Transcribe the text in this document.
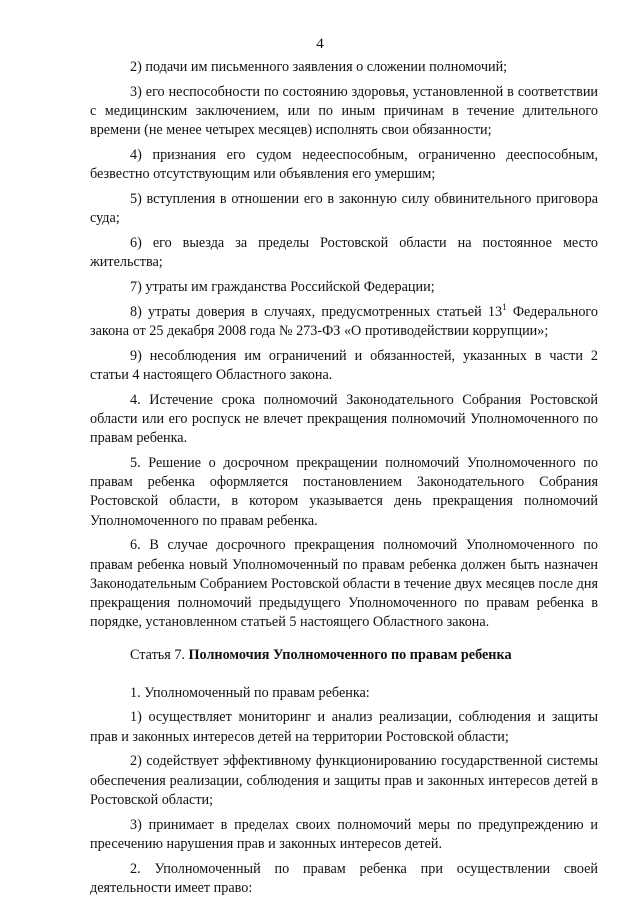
4

2) подачи им письменного заявления о сложении полномочий;

3) его неспособности по состоянию здоровья, установленной в соответствии с медицинским заключением, или по иным причинам в течение длительного времени (не менее четырех месяцев) исполнять свои обязанности;

4) признания его судом недееспособным, ограниченно дееспособным, безвестно отсутствующим или объявления его умершим;

5) вступления в отношении его в законную силу обвинительного приговора суда;

6) его выезда за пределы Ростовской области на постоянное место жительства;

7) утраты им гражданства Российской Федерации;

8) утраты доверия в случаях, предусмотренных статьей $13^1$ Федерального закона от 25 декабря 2008 года № 273-ФЗ «О противодействии коррупции»;

9) несоблюдения им ограничений и обязанностей, указанных в части 2 статьи 4 настоящего Областного закона.

4. Истечение срока полномочий Законодательного Собрания Ростовской области или его роспуск не влечет прекращения полномочий Уполномоченного по правам ребенка.

5. Решение о досрочном прекращении полномочий Уполномоченного по правам ребенка оформляется постановлением Законодательного Собрания Ростовской области, в котором указывается день прекращения полномочий Уполномоченного по правам ребенка.

6. В случае досрочного прекращения полномочий Уполномоченного по правам ребенка новый Уполномоченный по правам ребенка должен быть назначен Законодательным Собранием Ростовской области в течение двух месяцев после дня прекращения полномочий предыдущего Уполномоченного по правам ребенка в порядке, установленном статьей 5 настоящего Областного закона.

Статья 7. Полномочия Уполномоченного по правам ребенка

1. Уполномоченный по правам ребенка:

1) осуществляет мониторинг и анализ реализации, соблюдения и защиты прав и законных интересов детей на территории Ростовской области;

2) содействует эффективному функционированию государственной системы обеспечения реализации, соблюдения и защиты прав и законных интересов детей в Ростовской области;

3) принимает в пределах своих полномочий меры по предупреждению и пресечению нарушения прав и законных интересов детей.

2. Уполномоченный по правам ребенка при осуществлении своей деятельности имеет право:
